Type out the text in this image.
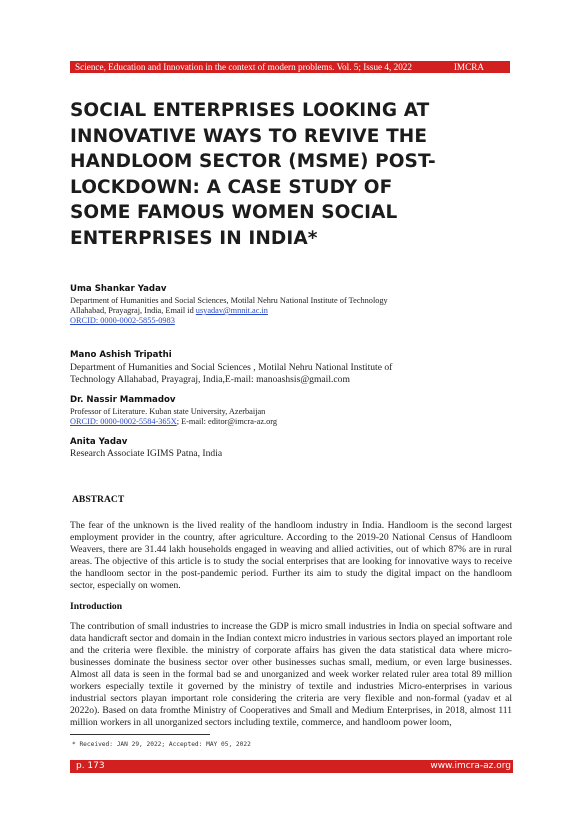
Science, Education and Innovation in the context of modern problems. Vol. 5; Issue 4, 2022	IMCRA
SOCIAL ENTERPRISES LOOKING AT
INNOVATIVE WAYS TO REVIVE THE
HANDLOOM SECTOR (MSME) POST-
LOCKDOWN: A CASE STUDY OF
SOME FAMOUS WOMEN SOCIAL
ENTERPRISES IN INDIA*
Uma Shankar Yadav
Department of Humanities and Social Sciences, Motilal Nehru National Institute of Technology
Allahabad, Prayagraj, India, Email id usyadav@mnnit.ac.in
ORCID: 0000-0002-5855-0983
Mano Ashish Tripathi
Department of Humanities and Social Sciences , Motilal Nehru National Institute of
Technology Allahabad, Prayagraj, India,E-mail: manoashsis@gmail.com
Dr. Nassir Mammadov
Professor of Literature. Kuban state University, Azerbaijan
ORCID: 0000-0002-5584-365X; E-mail: editor@imcra-az.org
Anita Yadav
Research Associate IGIMS Patna, India
ABSTRACT

The fear of the unknown is the lived reality of the handloom industry in India. Handloom is the second largest employment provider in the country, after agriculture. According to the 2019-20 National Census of Handloom Weavers, there are 31.44 lakh households engaged in weaving and allied activities, out of which 87% are in rural areas. The objective of this article is to study the social enterprises that are looking for innovative ways to receive the handloom sector in the post-pandemic period. Further its aim to study the digital impact on the handloom sector, especially on women.

Introduction

The contribution of small industries to increase the GDP is micro small industries in India on special software and data handicraft sector and domain in the Indian context micro industries in various sectors played an important role and the criteria were flexible. the ministry of corporate affairs has given the data statistical data where micro-businesses dominate the business sector over other businesses suchas small, medium, or even large businesses. Almost all data is seen in the formal bad se and unorganized and week worker related ruler area total 89 million workers especially textile it governed by the ministry of textile and industries Micro-enterprises in various industrial sectors playan important role considering the criteria are very flexible and non-formal (yadav et al 2022o). Based on data fromthe Ministry of Cooperatives and Small and Medium Enterprises, in 2018, almost 111 million workers in all unorganized sectors including textile, commerce, and handloom power loom,

* Received: JAN 29, 2022; Accepted: MAY 05, 2022
p. 173	www.imcra-az.org
